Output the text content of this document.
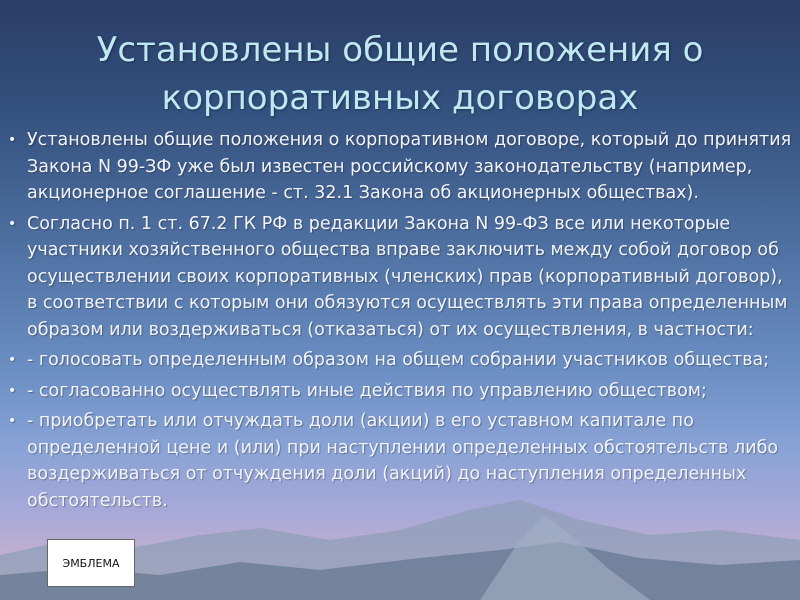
Установлены общие положения о корпоративных договорах
• Установлены общие положения о корпоративном договоре, который до принятия Закона N 99-ЗФ уже был известен российскому законодательству (например, акционерное соглашение - ст. 32.1 Закона об акционерных обществах).
• Согласно п. 1 ст. 67.2 ГК РФ в редакции Закона N 99-ФЗ все или некоторые участники хозяйственного общества вправе заключить между собой договор об осуществлении своих корпоративных (членских) прав (корпоративный договор), в соответствии с которым они обязуются осуществлять эти права определенным образом или воздерживаться (отказаться) от их осуществления, в частности:
• - голосовать определенным образом на общем собрании участников общества;
• - согласованно осуществлять иные действия по управлению обществом;
• - приобретать или отчуждать доли (акции) в его уставном капитале по определенной цене и (или) при наступлении определенных обстоятельств либо воздерживаться от отчуждения доли (акций) до наступления определенных обстоятельств.
ЭМБЛЕМА
